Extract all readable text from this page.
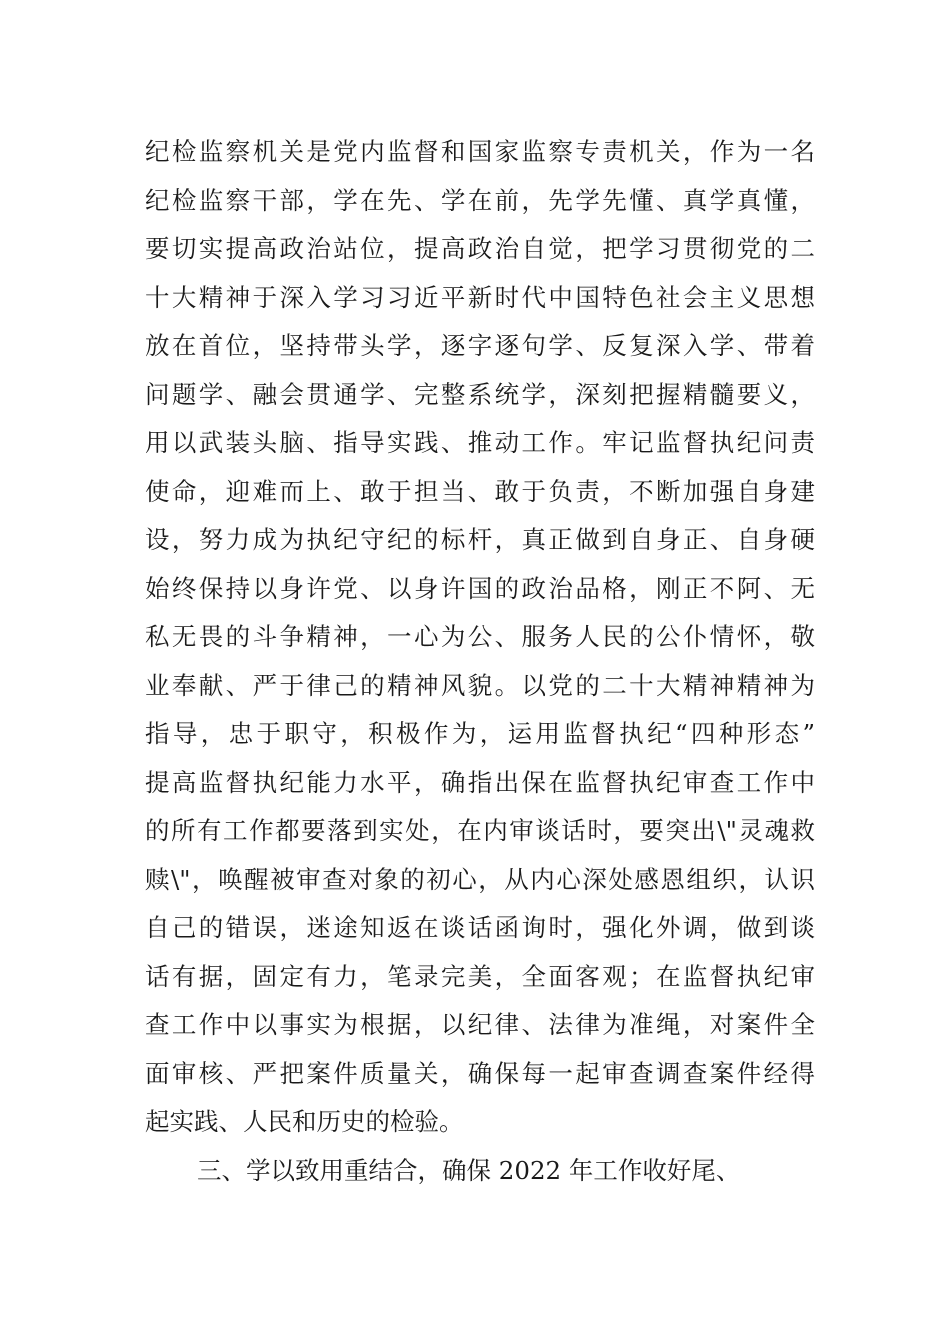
纪检监察机关是党内监督和国家监察专责机关，作为一名
纪检监察干部，学在先、学在前，先学先懂、真学真懂，
要切实提高政治站位，提高政治自觉，把学习贯彻党的二
十大精神于深入学习习近平新时代中国特色社会主义思想
放在首位，坚持带头学，逐字逐句学、反复深入学、带着
问题学、融会贯通学、完整系统学，深刻把握精髓要义，
用以武装头脑、指导实践、推动工作。牢记监督执纪问责
使命，迎难而上、敢于担当、敢于负责，不断加强自身建
设，努力成为执纪守纪的标杆，真正做到自身正、自身硬
始终保持以身许党、以身许国的政治品格，刚正不阿、无
私无畏的斗争精神，一心为公、服务人民的公仆情怀，敬
业奉献、严于律己的精神风貌。以党的二十大精神精神为
指导，忠于职守，积极作为，运用监督执纪“四种形态”
提高监督执纪能力水平，确指出保在监督执纪审查工作中
的所有工作都要落到实处，在内审谈话时，要突出\"灵魂救
赎\"，唤醒被审查对象的初心，从内心深处感恩组织，认识
自己的错误，迷途知返在谈话函询时，强化外调，做到谈
话有据，固定有力，笔录完美，全面客观；在监督执纪审
查工作中以事实为根据，以纪律、法律为准绳，对案件全
面审核、严把案件质量关，确保每一起审查调查案件经得
起实践、人民和历史的检验。
三、学以致用重结合，确保 2022 年工作收好尾、
